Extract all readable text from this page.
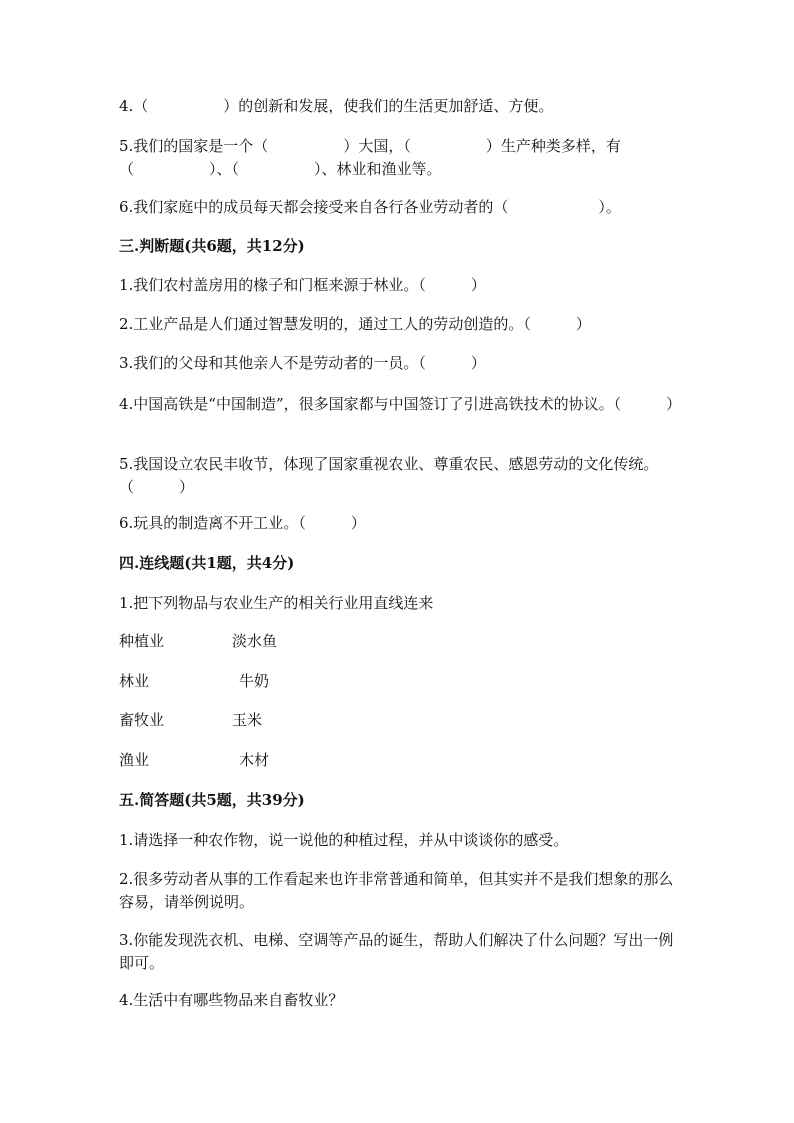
4.（　　　　　）的创新和发展，使我们的生活更加舒适、方便。

5.我们的国家是一个（　　　　　）大国，（　　　　　）生产种类多样，有（　　　　　）、（　　　　　）、林业和渔业等。

6.我们家庭中的成员每天都会接受来自各行各业劳动者的（　　　　　　）。

三.判断题(共6题，共12分)

1.我们农村盖房用的椽子和门框来源于林业。（　　　）

2.工业产品是人们通过智慧发明的，通过工人的劳动创造的。（　　　）

3.我们的父母和其他亲人不是劳动者的一员。（　　　）

4.中国高铁是“中国制造”，很多国家都与中国签订了引进高铁技术的协议。（　　　）

5.我国设立农民丰收节，体现了国家重视农业、尊重农民、感恩劳动的文化传统。（　　　）

6.玩具的制造离不开工业。（　　　）

四.连线题(共1题，共4分)

1.把下列物品与农业生产的相关行业用直线连来

种植业	淡水鱼
林业	牛奶
畜牧业	玉米
渔业	木材

五.简答题(共5题，共39分)

1.请选择一种农作物，说一说他的种植过程，并从中谈谈你的感受。

2.很多劳动者从事的工作看起来也许非常普通和简单，但其实并不是我们想象的那么容易，请举例说明。

3.你能发现洗衣机、电梯、空调等产品的诞生，帮助人们解决了什么问题？写出一例即可。

4.生活中有哪些物品来自畜牧业？
